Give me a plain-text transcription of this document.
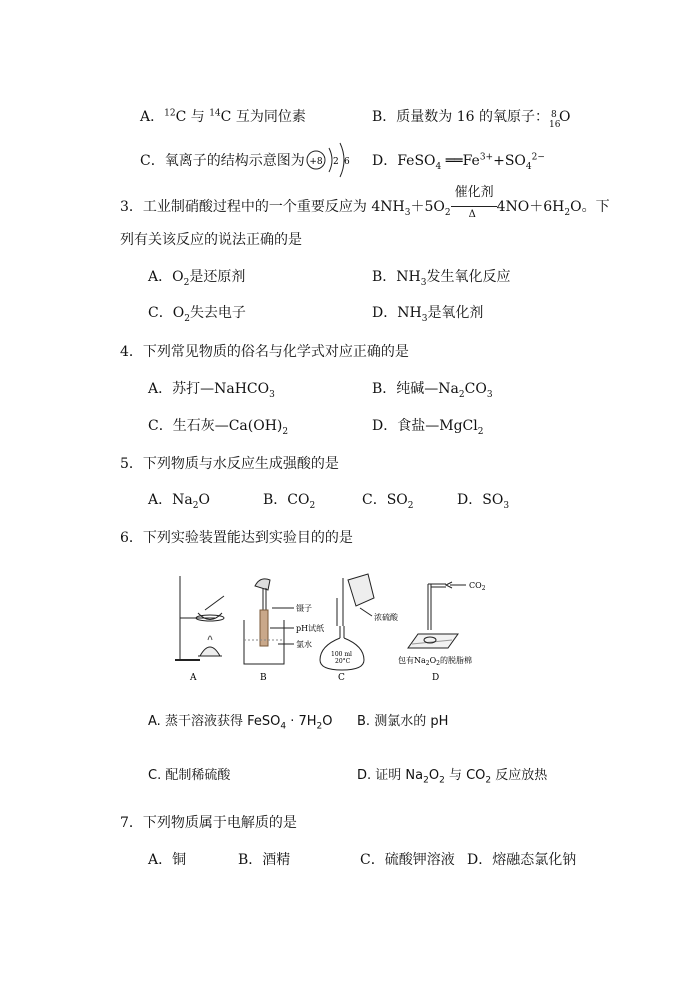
A．$^{12}$C 与 $^{14}$C 互为同位素	B．质量数为 16 的氧原子： 8
16
O
C．氧离子的结构示意图为 +8 2 6 D．FeSO$_4$ $══Fe^{3+}+SO_4^{2-}$
3．工业制硝酸过程中的一个重要反应为 $4NH_3+5O_2$
催化剂
Δ $4NO+6H_2O$。下
列有关该反应的说法正确的是
A．$O_2$是还原剂	B．$NH_3$发生氧化反应
C．$O_2$失去电子	D．$NH_3$是氧化剂
4．下列常见物质的俗名与化学式对应正确的是
A．苏打—NaHCO$_3$	B．纯碱$—Na_2CO_3$
C．生石灰$—Ca(OH)_2$	D．食盐—MgCl$_2$
5．下列物质与水反应生成强酸的是
A．$Na_2O$	B．$CO_2$	C．$SO_2$	D．$SO_3$
6．下列实验装置能达到实验目的的是
A
镊子
pH试纸
氯水
B
浓硫酸
100 ml
20°C
C
$CO_2$
包有$Na_2O_2$的脱脂棉
D
A. 蒸干溶液获得 FeSO$_4$ · $7H_2O$ B. 测氯水的 pH
C. 配制稀硫酸	D. 证明 $Na_2O_2$ 与 $CO_2$ 反应放热
7．下列物质属于电解质的是
A．铜	B．酒精	C．硫酸钾溶液 D．熔融态氯化钠
